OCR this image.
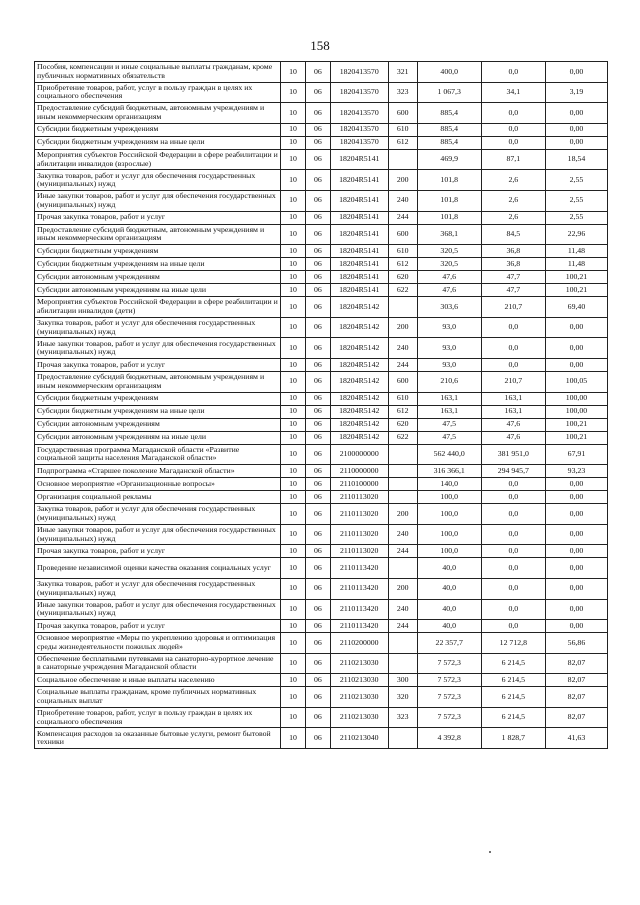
158
Пособия, компенсации и иные социальные выплаты гражданам, кроме публичных нормативных обязательств	10	06	1820413570	321	400,0	0,0	0,00
Приобретение товаров, работ, услуг в пользу граждан в целях их социального обеспечения	10	06	1820413570	323	1 067,3	34,1	3,19
Предоставление субсидий бюджетным, автономным учреждениям и иным некоммерческим организациям	10	06	1820413570	600	885,4	0,0	0,00
Субсидии бюджетным учреждениям	10	06	1820413570	610	885,4	0,0	0,00
Субсидии бюджетным учреждениям на иные цели	10	06	1820413570	612	885,4	0,0	0,00
Мероприятия субъектов Российской Федерации в сфере реабилитации и абилитации инвалидов (взрослые)	10	06	18204R5141		469,9	87,1	18,54
Закупка товаров, работ и услуг для обеспечения государственных (муниципальных) нужд	10	06	18204R5141	200	101,8	2,6	2,55
Иные закупки товаров, работ и услуг для обеспечения государственных (муниципальных) нужд	10	06	18204R5141	240	101,8	2,6	2,55
Прочая закупка товаров, работ и услуг	10	06	18204R5141	244	101,8	2,6	2,55
Предоставление субсидий бюджетным, автономным учреждениям и иным некоммерческим организациям	10	06	18204R5141	600	368,1	84,5	22,96
Субсидии бюджетным учреждениям	10	06	18204R5141	610	320,5	36,8	11,48
Субсидии бюджетным учреждениям на иные цели	10	06	18204R5141	612	320,5	36,8	11,48
Субсидии автономным учреждениям	10	06	18204R5141	620	47,6	47,7	100,21
Субсидии автономным учреждениям на иные цели	10	06	18204R5141	622	47,6	47,7	100,21
Мероприятия субъектов Российской Федерации в сфере реабилитации и абилитации инвалидов (дети)	10	06	18204R5142		303,6	210,7	69,40
Закупка товаров, работ и услуг для обеспечения государственных (муниципальных) нужд	10	06	18204R5142	200	93,0	0,0	0,00
Иные закупки товаров, работ и услуг для обеспечения государственных (муниципальных) нужд	10	06	18204R5142	240	93,0	0,0	0,00
Прочая закупка товаров, работ и услуг	10	06	18204R5142	244	93,0	0,0	0,00
Предоставление субсидий бюджетным, автономным учреждениям и иным некоммерческим организациям	10	06	18204R5142	600	210,6	210,7	100,05
Субсидии бюджетным учреждениям	10	06	18204R5142	610	163,1	163,1	100,00
Субсидии бюджетным учреждениям на иные цели	10	06	18204R5142	612	163,1	163,1	100,00
Субсидии автономным учреждениям	10	06	18204R5142	620	47,5	47,6	100,21
Субсидии автономным учреждениям на иные цели	10	06	18204R5142	622	47,5	47,6	100,21
Государственная программа Магаданской области «Развитие социальной защиты населения Магаданской области»	10	06	2100000000		562 440,0	381 951,0	67,91
Подпрограмма «Старшее поколение Магаданской области»	10	06	2110000000		316 366,1	294 945,7	93,23
Основное мероприятие «Организационные вопросы»	10	06	2110100000		140,0	0,0	0,00
Организация социальной рекламы	10	06	2110113020		100,0	0,0	0,00
Закупка товаров, работ и услуг для обеспечения государственных (муниципальных) нужд	10	06	2110113020	200	100,0	0,0	0,00
Иные закупки товаров, работ и услуг для обеспечения государственных (муниципальных) нужд	10	06	2110113020	240	100,0	0,0	0,00
Прочая закупка товаров, работ и услуг	10	06	2110113020	244	100,0	0,0	0,00
Проведение независимой оценки качества оказания социальных услуг	10	06	2110113420		40,0	0,0	0,00
Закупка товаров, работ и услуг для обеспечения государственных (муниципальных) нужд	10	06	2110113420	200	40,0	0,0	0,00
Иные закупки товаров, работ и услуг для обеспечения государственных (муниципальных) нужд	10	06	2110113420	240	40,0	0,0	0,00
Прочая закупка товаров, работ и услуг	10	06	2110113420	244	40,0	0,0	0,00
Основное мероприятие «Меры по укреплению здоровья и оптимизация среды жизнедеятельности пожилых людей»	10	06	2110200000		22 357,7	12 712,8	56,86
Обеспечение бесплатными путевками на санаторно-курортное лечение в санаторные учреждения Магаданской области	10	06	2110213030		7 572,3	6 214,5	82,07
Социальное обеспечение и иные выплаты населению	10	06	2110213030	300	7 572,3	6 214,5	82,07
Социальные выплаты гражданам, кроме публичных нормативных социальных выплат	10	06	2110213030	320	7 572,3	6 214,5	82,07
Приобретение товаров, работ, услуг в пользу граждан в целях их социального обеспечения	10	06	2110213030	323	7 572,3	6 214,5	82,07
Компенсация расходов за оказанные бытовые услуги, ремонт бытовой техники	10	06	2110213040		4 392,8	1 828,7	41,63
